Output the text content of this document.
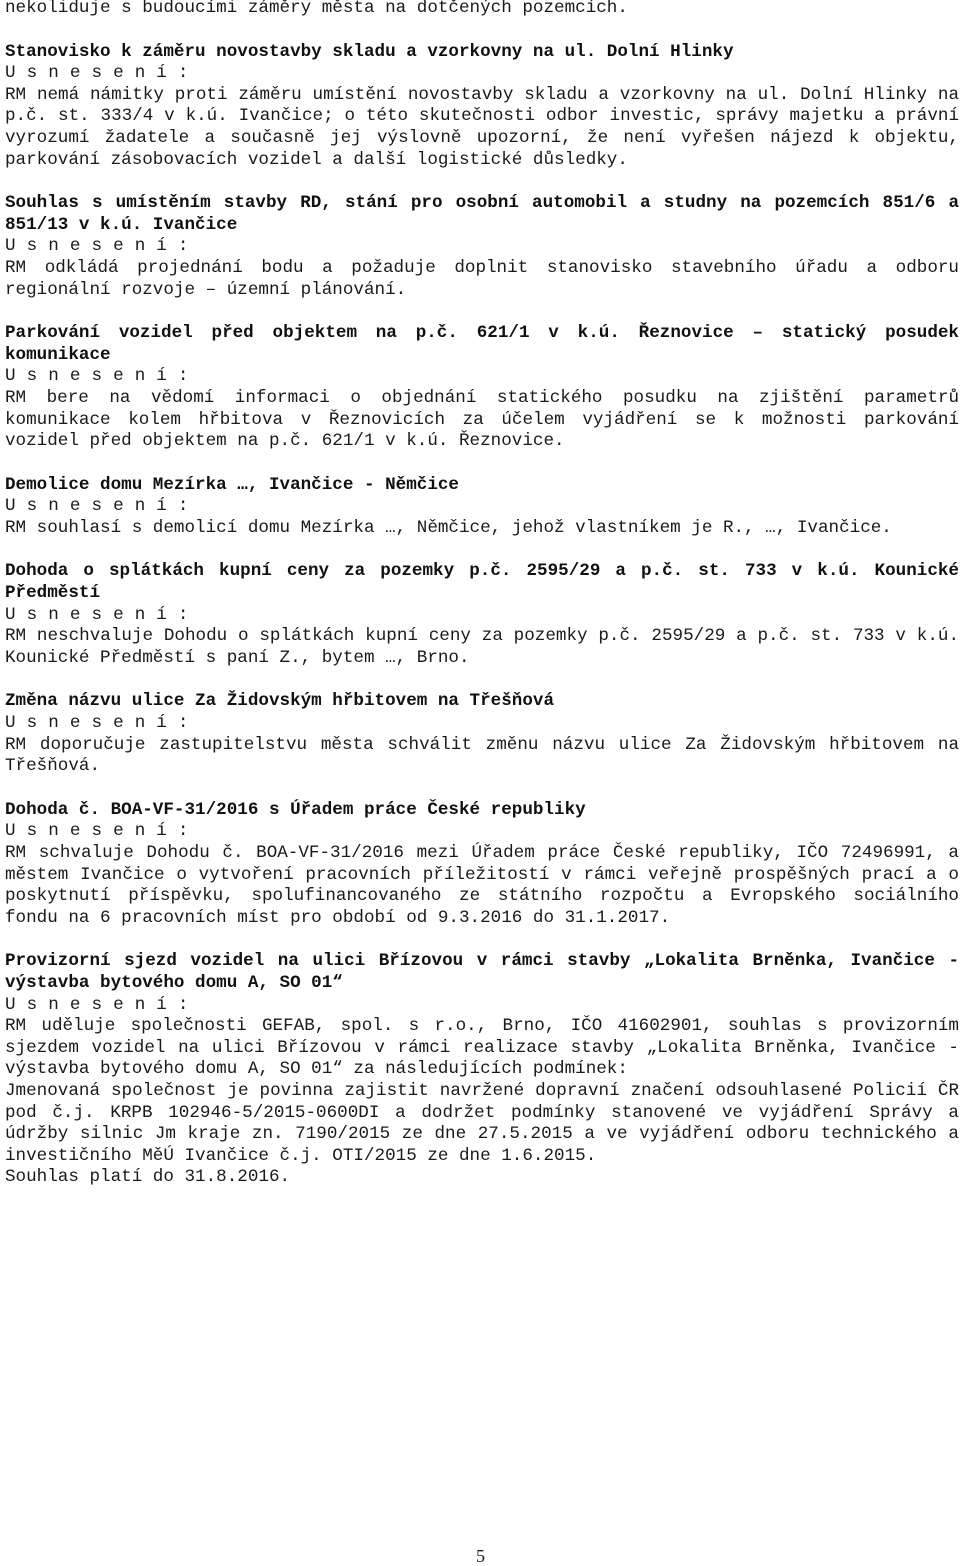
nekoliduje s budoucími záměry města na dotčených pozemcích.

Stanovisko k záměru novostavby skladu a vzorkovny na ul. Dolní Hlinky

U s n e s e n í :

RM nemá námitky proti záměru umístění novostavby skladu a vzorkovny na ul. Dolní Hlinky na p.č. st. 333/4 v k.ú. Ivančice; o této skutečnosti odbor investic, správy majetku a právní vyrozumí žadatele a současně jej výslovně upozorní, že není vyřešen nájezd k objektu, parkování zásobovacích vozidel a další logistické důsledky.

Souhlas s umístěním stavby RD, stání pro osobní automobil a studny na pozemcích 851/6 a 851/13 v k.ú. Ivančice

U s n e s e n í :

RM odkládá projednání bodu a požaduje doplnit stanovisko stavebního úřadu a odboru regionální rozvoje – územní plánování.

Parkování vozidel před objektem na p.č. 621/1 v k.ú. Řeznovice – statický posudek komunikace

U s n e s e n í :

RM bere na vědomí informaci o objednání statického posudku na zjištění parametrů komunikace kolem hřbitova v Řeznovicích za účelem vyjádření se k možnosti parkování vozidel před objektem na p.č. 621/1 v k.ú. Řeznovice.

Demolice domu Mezírka …, Ivančice - Němčice

U s n e s e n í :

RM souhlasí s demolicí domu Mezírka …, Němčice, jehož vlastníkem je R., …, Ivančice.

Dohoda o splátkách kupní ceny za pozemky p.č. 2595/29 a p.č. st. 733 v k.ú. Kounické Předměstí

U s n e s e n í :

RM neschvaluje Dohodu o splátkách kupní ceny za pozemky p.č. 2595/29 a p.č. st. 733 v k.ú. Kounické Předměstí s paní Z., bytem …, Brno.

Změna názvu ulice Za Židovským hřbitovem na Třešňová

U s n e s e n í :

RM doporučuje zastupitelstvu města schválit změnu názvu ulice Za Židovským hřbitovem na Třešňová.

Dohoda č. BOA-VF-31/2016 s Úřadem práce České republiky

U s n e s e n í :

RM schvaluje Dohodu č. BOA-VF-31/2016 mezi Úřadem práce České republiky, IČO 72496991, a městem Ivančice o vytvoření pracovních příležitostí v rámci veřejně prospěšných prací a o poskytnutí příspěvku, spolufinancovaného ze státního rozpočtu a Evropského sociálního fondu na 6 pracovních míst pro období od 9.3.2016 do 31.1.2017.

Provizorní sjezd vozidel na ulici Břízovou v rámci stavby „Lokalita Brněnka, Ivančice - výstavba bytového domu A, SO 01“

U s n e s e n í :

RM uděluje společnosti GEFAB, spol. s r.o., Brno, IČO 41602901, souhlas s provizorním sjezdem vozidel na ulici Břízovou v rámci realizace stavby „Lokalita Brněnka, Ivančice - výstavba bytového domu A, SO 01“ za následujících podmínek:

Jmenovaná společnost je povinna zajistit navržené dopravní značení odsouhlasené Policií ČR pod č.j. KRPB 102946-5/2015-0600DI a dodržet podmínky stanovené ve vyjádření Správy a údržby silnic Jm kraje zn. 7190/2015 ze dne 27.5.2015 a ve vyjádření odboru technického a investičního MěÚ Ivančice č.j. OTI/2015 ze dne 1.6.2015.

Souhlas platí do 31.8.2016.

5
